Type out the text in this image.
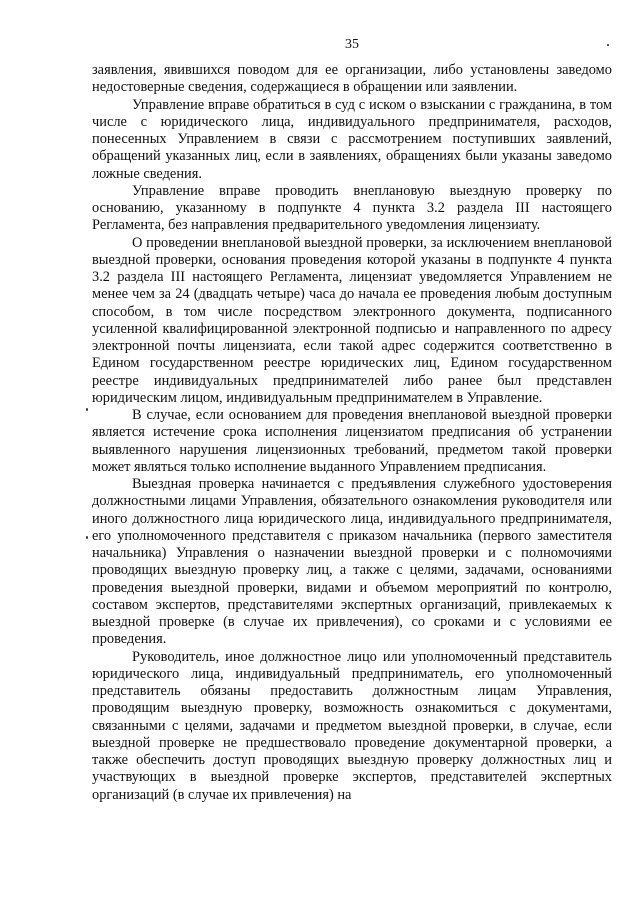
35

заявления, явившихся поводом для ее организации, либо установлены заведомо недостоверные сведения, содержащиеся в обращении или заявлении.

Управление вправе обратиться в суд с иском о взыскании с гражданина, в том числе с юридического лица, индивидуального предпринимателя, расходов, понесенных Управлением в связи с рассмотрением поступивших заявлений, обращений указанных лиц, если в заявлениях, обращениях были указаны заведомо ложные сведения.

Управление вправе проводить внеплановую выездную проверку по основанию, указанному в подпункте 4 пункта 3.2 раздела III настоящего Регламента, без направления предварительного уведомления лицензиату.

О проведении внеплановой выездной проверки, за исключением внеплановой выездной проверки, основания проведения которой указаны в подпункте 4 пункта 3.2 раздела III настоящего Регламента, лицензиат уведомляется Управлением не менее чем за 24 (двадцать четыре) часа до начала ее проведения любым доступным способом, в том числе посредством электронного документа, подписанного усиленной квалифицированной электронной подписью и направленного по адресу электронной почты лицензиата, если такой адрес содержится соответственно в Едином государственном реестре юридических лиц, Едином государственном реестре индивидуальных предпринимателей либо ранее был представлен юридическим лицом, индивидуальным предпринимателем в Управление.

В случае, если основанием для проведения внеплановой выездной проверки является истечение срока исполнения лицензиатом предписания об устранении выявленного нарушения лицензионных требований, предметом такой проверки может являться только исполнение выданного Управлением предписания.

Выездная проверка начинается с предъявления служебного удостоверения должностными лицами Управления, обязательного ознакомления руководителя или иного должностного лица юридического лица, индивидуального предпринимателя, его уполномоченного представителя с приказом начальника (первого заместителя начальника) Управления о назначении выездной проверки и с полномочиями проводящих выездную проверку лиц, а также с целями, задачами, основаниями проведения выездной проверки, видами и объемом мероприятий по контролю, составом экспертов, представителями экспертных организаций, привлекаемых к выездной проверке (в случае их привлечения), со сроками и с условиями ее проведения.

Руководитель, иное должностное лицо или уполномоченный представитель юридического лица, индивидуальный предприниматель, его уполномоченный представитель обязаны предоставить должностным лицам Управления, проводящим выездную проверку, возможность ознакомиться с документами, связанными с целями, задачами и предметом выездной проверки, в случае, если выездной проверке не предшествовало проведение документарной проверки, а также обеспечить доступ проводящих выездную проверку должностных лиц и участвующих в выездной проверке экспертов, представителей экспертных организаций (в случае их привлечения) на
